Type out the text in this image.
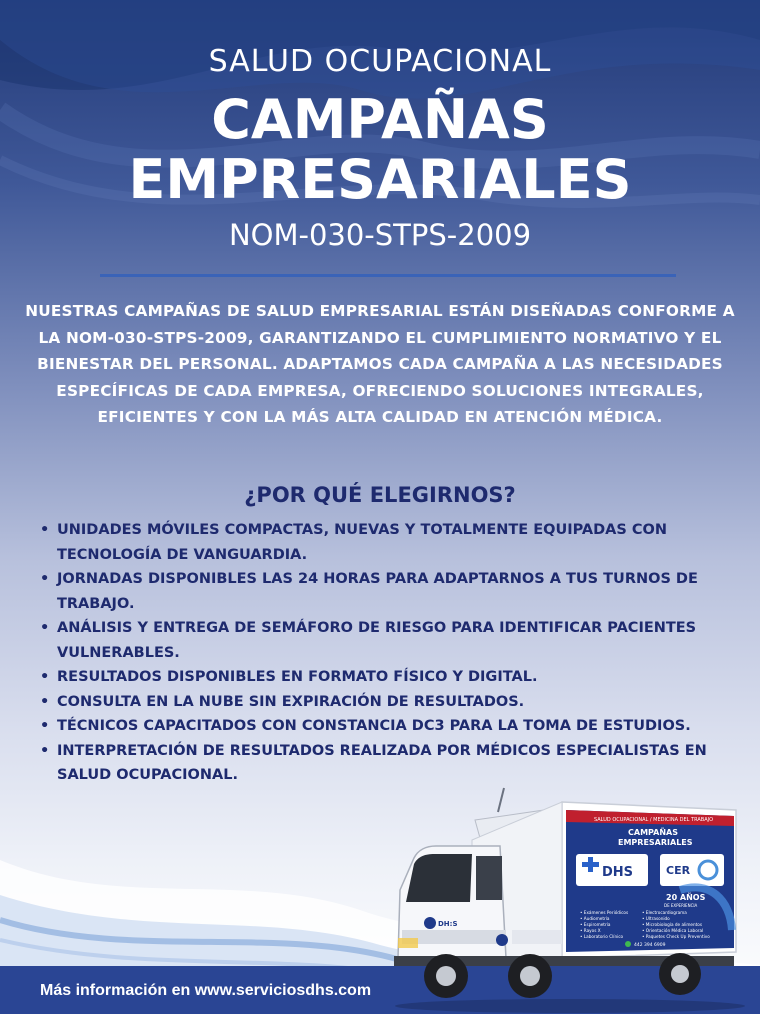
SALUD OCUPACIONAL
CAMPAÑAS
EMPRESARIALES
NOM-030-STPS-2009
NUESTRAS CAMPAÑAS DE SALUD EMPRESARIAL ESTÁN DISEÑADAS CONFORME A
LA NOM-030-STPS-2009, GARANTIZANDO EL CUMPLIMIENTO NORMATIVO Y EL
BIENESTAR DEL PERSONAL. ADAPTAMOS CADA CAMPAÑA A LAS NECESIDADES
ESPECÍFICAS DE CADA EMPRESA, OFRECIENDO SOLUCIONES INTEGRALES,
EFICIENTES Y CON LA MÁS ALTA CALIDAD EN ATENCIÓN MÉDICA.
¿POR QUÉ ELEGIRNOS?
• UNIDADES MÓVILES COMPACTAS, NUEVAS Y TOTALMENTE EQUIPADAS CON TECNOLOGÍA DE VANGUARDIA.
• JORNADAS DISPONIBLES LAS 24 HORAS PARA ADAPTARNOS A TUS TURNOS DE TRABAJO.
• ANÁLISIS Y ENTREGA DE SEMÁFORO DE RIESGO PARA IDENTIFICAR PACIENTES VULNERABLES.
• RESULTADOS DISPONIBLES EN FORMATO FÍSICO Y DIGITAL.
• CONSULTA EN LA NUBE SIN EXPIRACIÓN DE RESULTADOS.
• TÉCNICOS CAPACITADOS CON CONSTANCIA DC3 PARA LA TOMA DE ESTUDIOS.
• INTERPRETACIÓN DE RESULTADOS REALIZADA POR MÉDICOS ESPECIALISTAS EN SALUD OCUPACIONAL.
Más información en www.serviciosdhs.com
SALUD OCUPACIONAL / MEDICINA DEL TRABAJO
CAMPAÑAS
EMPRESARIALES
DHS	CER
20 AÑOS
DE EXPERIENCIA
• Exámenes Periódicos
• Audiometría
• Espirometría
• Rayos X
• Laboratorio Clínico
• Electrocardiograma
• Ultrasonido
• Microbiología de alimentos
• Orientación Médica Laboral
• Paquetes Check Up Preventivo
442 394 6909
DH:S
